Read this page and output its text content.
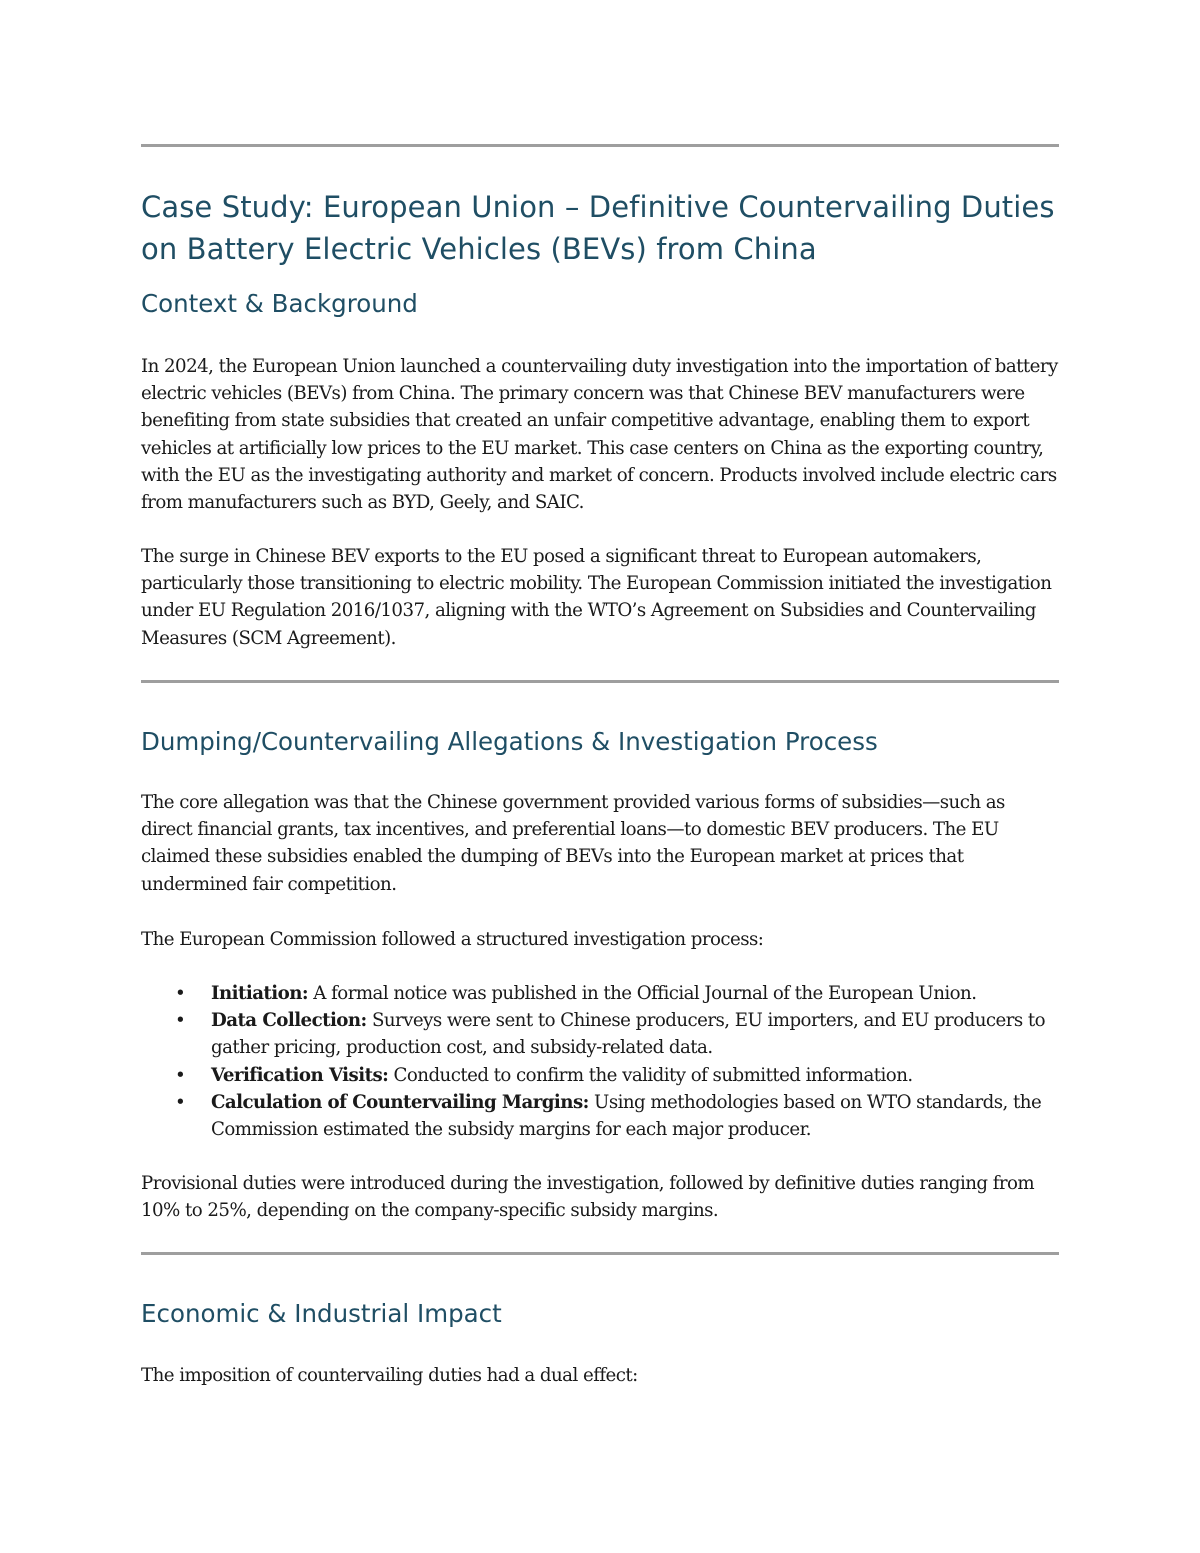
Case Study: European Union – Definitive Countervailing Duties on Battery Electric Vehicles (BEVs) from China
Context & Background

In 2024, the European Union launched a countervailing duty investigation into the importation of battery electric vehicles (BEVs) from China. The primary concern was that Chinese BEV manufacturers were benefiting from state subsidies that created an unfair competitive advantage, enabling them to export vehicles at artificially low prices to the EU market. This case centers on China as the exporting country, with the EU as the investigating authority and market of concern. Products involved include electric cars from manufacturers such as BYD, Geely, and SAIC.

The surge in Chinese BEV exports to the EU posed a significant threat to European automakers, particularly those transitioning to electric mobility. The European Commission initiated the investigation under EU Regulation 2016/1037, aligning with the WTO’s Agreement on Subsidies and Countervailing Measures (SCM Agreement).

Dumping/Countervailing Allegations & Investigation Process

The core allegation was that the Chinese government provided various forms of subsidies—such as direct financial grants, tax incentives, and preferential loans—to domestic BEV producers. The EU claimed these subsidies enabled the dumping of BEVs into the European market at prices that undermined fair competition.

The European Commission followed a structured investigation process:

• Initiation: A formal notice was published in the Official Journal of the European Union.
• Data Collection: Surveys were sent to Chinese producers, EU importers, and EU producers to gather pricing, production cost, and subsidy-related data.
• Verification Visits: Conducted to confirm the validity of submitted information.
• Calculation of Countervailing Margins: Using methodologies based on WTO standards, the Commission estimated the subsidy margins for each major producer.

Provisional duties were introduced during the investigation, followed by definitive duties ranging from 10% to 25%, depending on the company-specific subsidy margins.

Economic & Industrial Impact

The imposition of countervailing duties had a dual effect:
